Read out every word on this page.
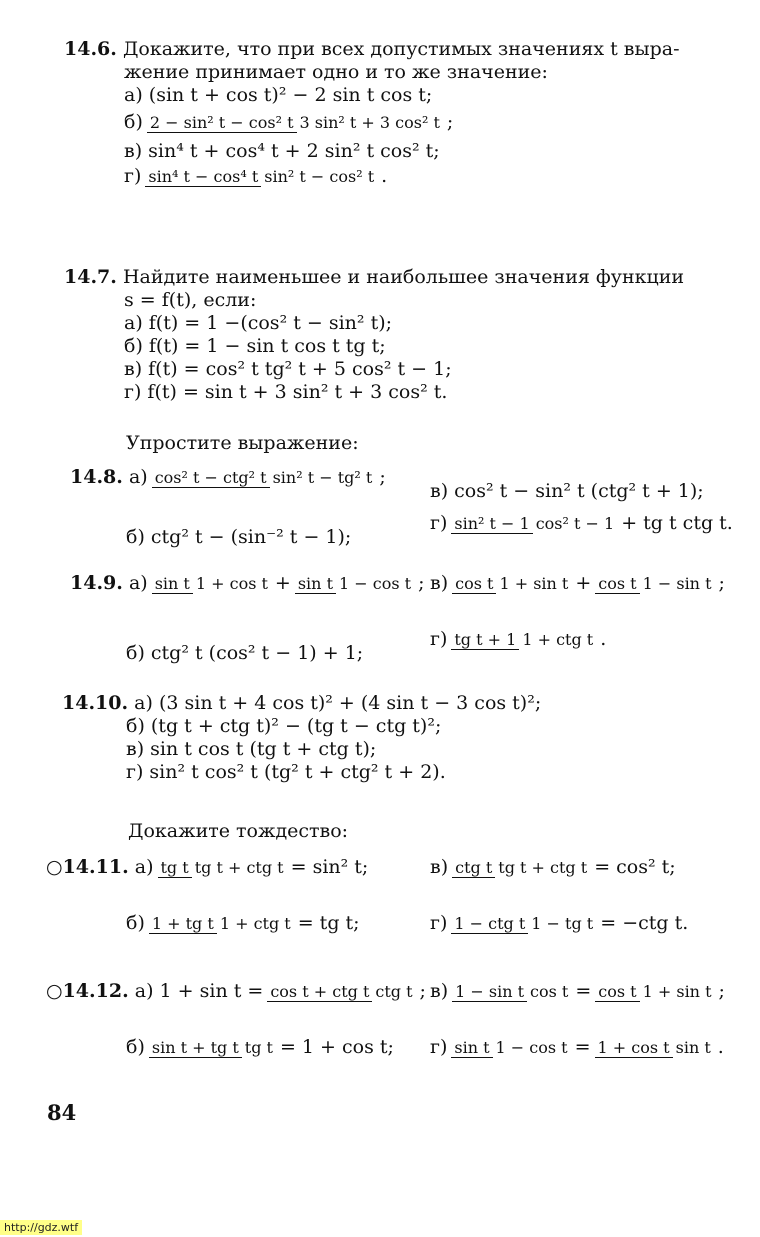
14.6. Докажите, что при всех допустимых значениях t выра-
жение принимает одно и то же значение:
а) (sin t + cos t)² − 2 sin t cos t;
б) 2 − sin² t − cos² t 3 sin² t + 3 cos² t ;
в) sin⁴ t + cos⁴ t + 2 sin² t cos² t;
г) sin⁴ t − cos⁴ t sin² t − cos² t .
14.7. Найдите наименьшее и наибольшее значения функции
s = f(t), если:
а) f(t) = 1 −(cos² t − sin² t);
б) f(t) = 1 − sin t cos t tg t;
в) f(t) = cos² t tg² t + 5 cos² t − 1;
г) f(t) = sin t + 3 sin² t + 3 cos² t.
Упростите выражение:
14.8.
а) cos² t − ctg² t sin² t − tg² t ;
в) cos² t − sin² t (ctg² t + 1);
б) ctg² t − (sin⁻² t − 1);
г) sin² t − 1 cos² t − 1 + tg t ctg t.
14.9.
а) sin t 1 + cos t + sin t 1 − cos t ; в) cos t 1 + sin t + cos t 1 − sin t ;
б) ctg² t (cos² t − 1) + 1;
г) tg t + 1 1 + ctg t .
14.10. а) (3 sin t + 4 cos t)² + (4 sin t − 3 cos t)²;
б) (tg t + ctg t)² − (tg t − ctg t)²;
в) sin t cos t (tg t + ctg t);
г) sin² t cos² t (tg² t + ctg² t + 2).
Докажите тождество:
○14.11.
а) tg t tg t + ctg t = sin² t;	в) ctg t tg t + ctg t = cos² t;
б) 1 + tg t 1 + ctg t = tg t;	г) 1 − ctg t 1 − tg t = −ctg t.
○14.12.
а) 1 + sin t = cos t + ctg t ctg t ; в) 1 − sin t cos t = cos t 1 + sin t ;
б) sin t + tg t tg t = 1 + cos t; г) sin t 1 − cos t = 1 + cos t sin t .
84
http://gdz.wtf
